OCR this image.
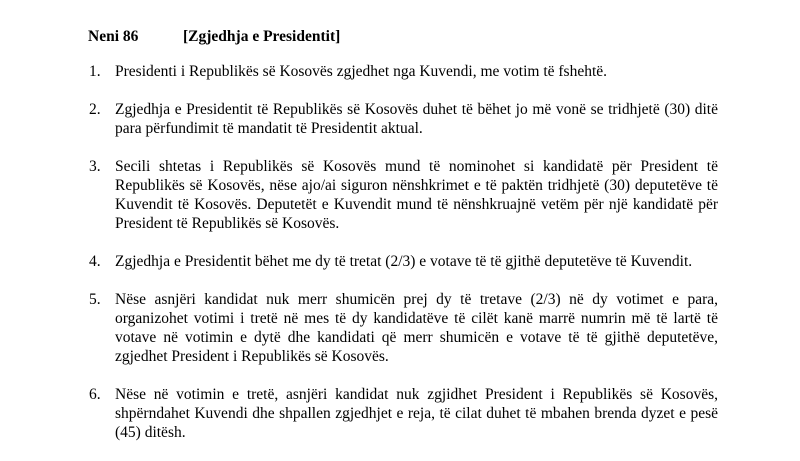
Neni 86	[Zgjedhja e Presidentit]
1. Presidenti i Republikës së Kosovës zgjedhet nga Kuvendi, me votim të fshehtë.
2. Zgjedhja e Presidentit të Republikës së Kosovës duhet të bëhet jo më vonë se tridhjetë (30) ditë para përfundimit të mandatit të Presidentit aktual.
3. Secili shtetas i Republikës së Kosovës mund të nominohet si kandidatë për President të Republikës së Kosovës, nëse ajo/ai siguron nënshkrimet e të paktën tridhjetë (30) deputetëve të Kuvendit të Kosovës. Deputetët e Kuvendit mund të nënshkruajnë vetëm për një kandidatë për President të Republikës së Kosovës.
4. Zgjedhja e Presidentit bëhet me dy të tretat (2/3) e votave të të gjithë deputetëve të Kuvendit.
5. Nëse asnjëri kandidat nuk merr shumicën prej dy të tretave (2/3) në dy votimet e para, organizohet votimi i tretë në mes të dy kandidatëve të cilët kanë marrë numrin më të lartë të votave në votimin e dytë dhe kandidati që merr shumicën e votave të të gjithë deputetëve, zgjedhet President i Republikës së Kosovës.
6. Nëse në votimin e tretë, asnjëri kandidat nuk zgjidhet President i Republikës së Kosovës, shpërndahet Kuvendi dhe shpallen zgjedhjet e reja, të cilat duhet të mbahen brenda dyzet e pesë (45) ditësh.
